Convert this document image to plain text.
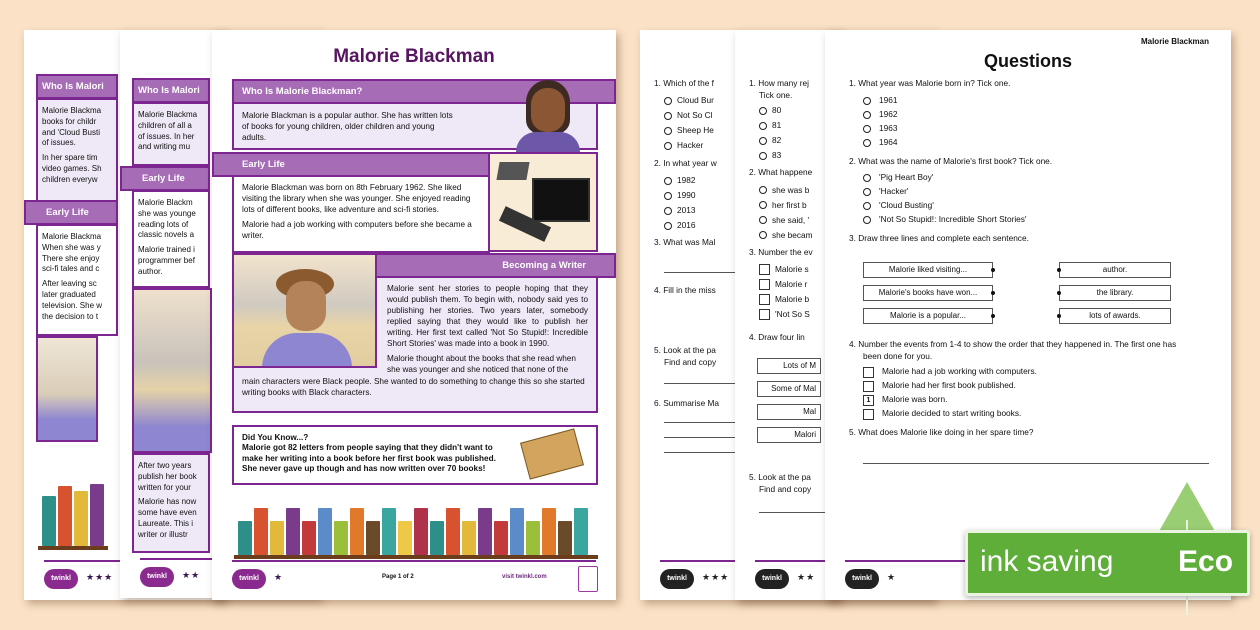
Who Is Malori

Malorie Blackma
books for childr
and 'Cloud Busti
of issues.

In her spare tim
video games. Sh
children everyw

Early Life

Malorie Blackma
When she was y
There she enjoy
sci-fi tales and c

After leaving sc
later graduated
television. She w
the decision to t

twinkl	★★★
Who Is Malori
Malorie Blackma
children of all a
of issues. In her
and writing mu
Early Life

Malorie Blackm
she was younge
reading lots of
classic novels a

Malorie trained i
programmer bef
author.

After two years
publish her book
written for your

Malorie has now
some have even
Laureate. This i
writer or illustr

twinkl	★★
Malorie Blackman
Who Is Malorie Blackman?
Malorie Blackman is a popular author. She has written lots of books for young children, older children and young adults.
Early Life

Malorie Blackman was born on 8th February 1962. She liked visiting the library when she was younger. She enjoyed reading lots of different books, like adventure and sci-fi stories.

Malorie had a job working with computers before she became a writer.

Malorie sent her stories to people hoping that they would publish them. To begin with, nobody said yes to publishing her stories. Two years later, somebody replied saying that they would like to publish her writing. Her first text called 'Not So Stupid!: Incredible Short Stories' was made into a book in 1990.

Malorie thought about the books that she read when she was younger and she noticed that none of the main characters were Black people. She wanted to do something to change this so she started writing books with Black characters.

Becoming a Writer
Did You Know...?
Malorie got 82 letters from people saying that they didn't want to make her writing into a book before her first book was published. She never gave up though and has now written over 70 books!
twinkl	★	Page 1 of 2	visit twinkl.com
1. Which of the f
Cloud Bur
Not So Cl
Sheep He
Hacker
2. In what year w
1982
1990
2013
2016
3. What was Mal
4. Fill in the miss
5. Look at the pa
Find and copy
6. Summarise Ma
twinkl	★★★
1. How many rej
Tick one.
80
81
82
83
2. What happene
she was b
her first b
she said, '
she becam
3. Number the ev
Malorie s
Malorie r
Malorie b
'Not So S
4. Draw four lin
Lots of M
Some of Mal
Mal
Malori
5. Look at the pa
Find and copy
twinkl	★★
Malorie Blackman
Questions
1. What year was Malorie born in? Tick one.
1961
1962
1963
1964
2. What was the name of Malorie's first book? Tick one.
'Pig Heart Boy'
'Hacker'
'Cloud Busting'
'Not So Stupid!: Incredible Short Stories'
3. Draw three lines and complete each sentence.
Malorie liked visiting...
Malorie's books have won...
Malorie is a popular...
author.
the library.
lots of awards.
4. Number the events from 1-4 to show the order that they happened in. The first one has
been done for you.
Malorie had a job working with computers.
Malorie had her first book published.
1	Malorie was born.
Malorie decided to start writing books.
5. What does Malorie like doing in her spare time?
twinkl	★	ink saving Eco
